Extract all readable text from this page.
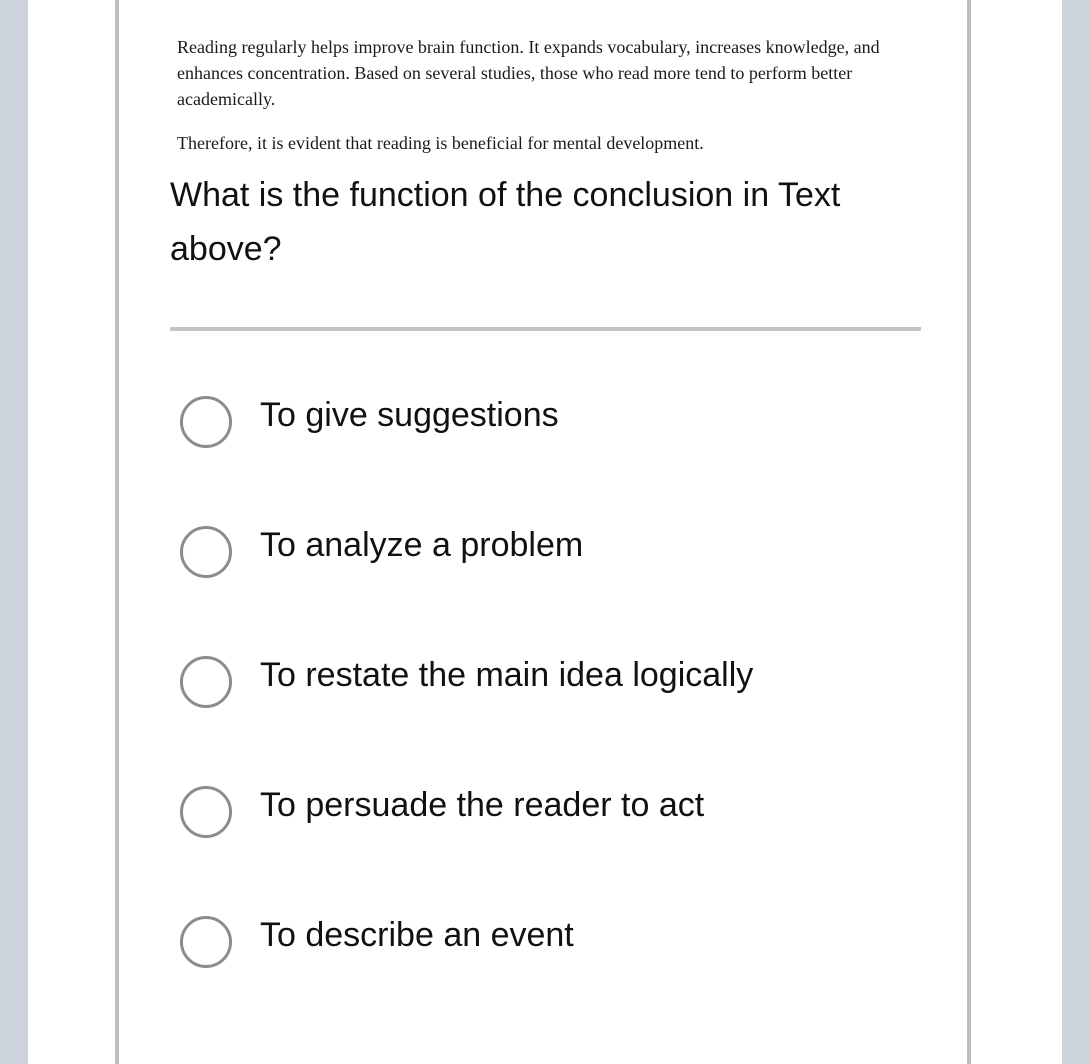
Reading regularly helps improve brain function. It expands vocabulary, increases knowledge, and enhances concentration. Based on several studies, those who read more tend to perform better academically.

Therefore, it is evident that reading is beneficial for mental development.

What is the function of the conclusion in Text above?
To give suggestions
To analyze a problem
To restate the main idea logically
To persuade the reader to act
To describe an event
